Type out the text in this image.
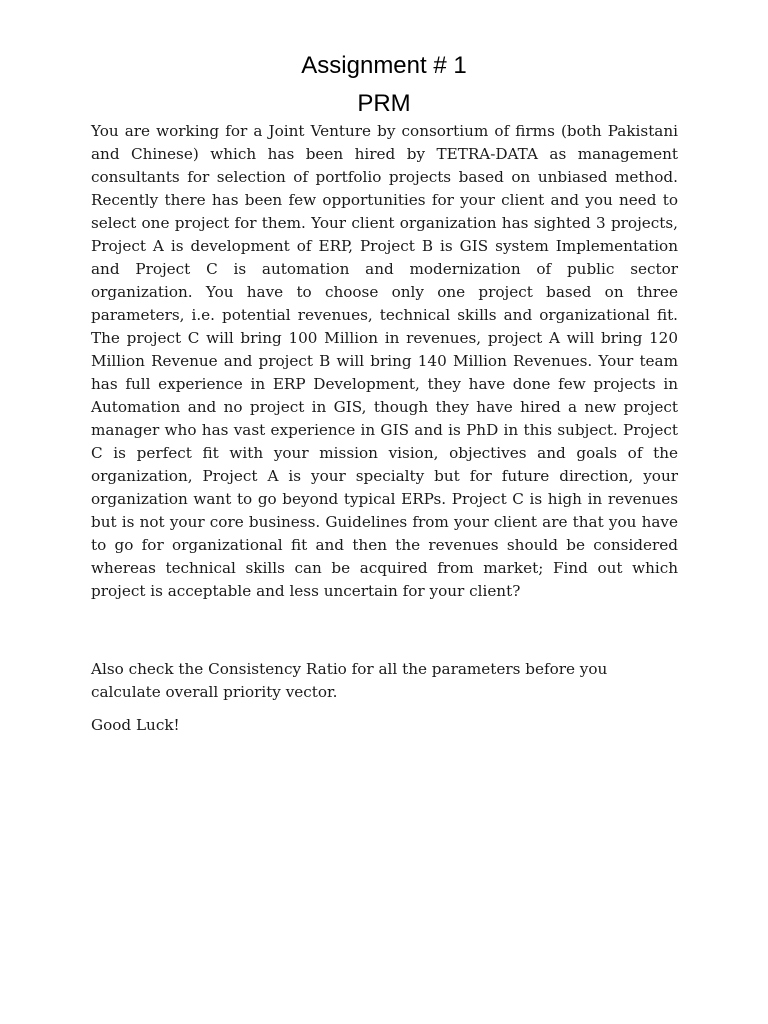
Assignment # 1
PRM

You are working for a Joint Venture by consortium of firms (both Pakistani and Chinese) which has been hired by TETRA-DATA as management consultants for selection of portfolio projects based on unbiased method. Recently there has been few opportunities for your client and you need to select one project for them. Your client organization has sighted 3 projects, Project A is development of ERP, Project B is GIS system Implementation and Project C is automation and modernization of public sector organization. You have to choose only one project based on three parameters, i.e. potential revenues, technical skills and organizational fit. The project C will bring 100 Million in revenues, project A will bring 120 Million Revenue and project B will bring 140 Million Revenues. Your team has full experience in ERP Development, they have done few projects in Automation and no project in GIS, though they have hired a new project manager who has vast experience in GIS and is PhD in this subject. Project C is perfect fit with your mission vision, objectives and goals of the organization, Project A is your specialty but for future direction, your organization want to go beyond typical ERPs. Project C is high in revenues but is not your core business. Guidelines from your client are that you have to go for organizational fit and then the revenues should be considered whereas technical skills can be acquired from market; Find out which project is acceptable and less uncertain for your client?

Also check the Consistency Ratio for all the parameters before you calculate overall priority vector.

Good Luck!
